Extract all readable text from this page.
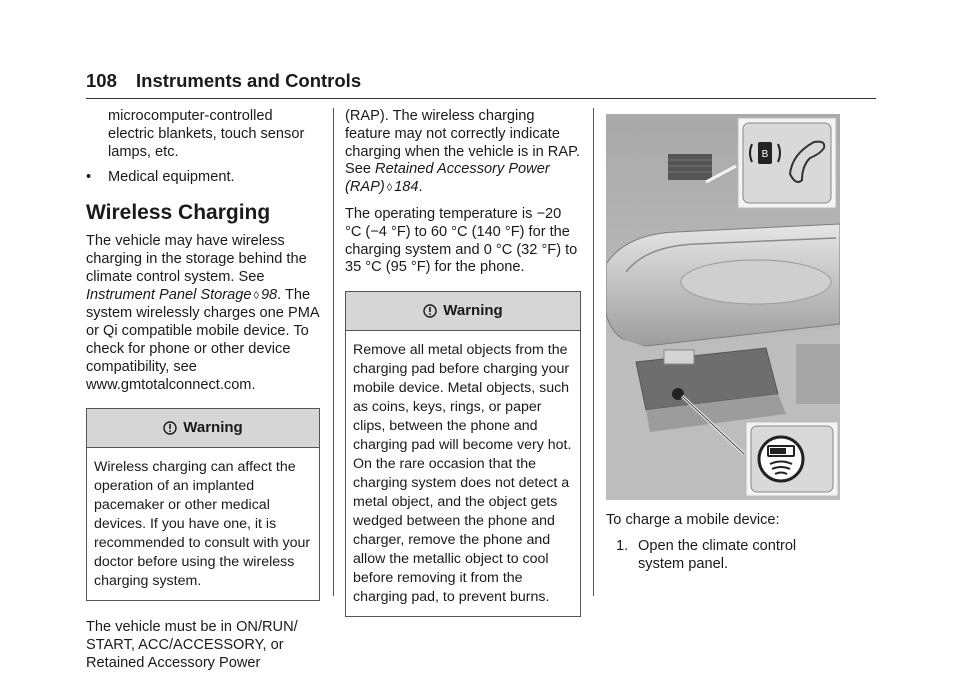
108 Instruments and Controls

microcomputer-controlled electric blankets, touch sensor lamps, etc.

•	Medical equipment.
Wireless Charging

The vehicle may have wireless charging in the storage behind the climate control system. See Instrument Panel Storage ◊ 98. The system wirelessly charges one PMA or Qi compatible mobile device. To check for phone or other device compatibility, see www.gmtotalconnect.com.

Warning
Wireless charging can affect the operation of an implanted pacemaker or other medical devices. If you have one, it is recommended to consult with your doctor before using the wireless charging system.

The vehicle must be in ON/RUN/ START, ACC/ACCESSORY, or Retained Accessory Power

(RAP). The wireless charging feature may not correctly indicate charging when the vehicle is in RAP. See Retained Accessory Power (RAP) ◊ 184.

The operating temperature is −20 °C (−4 °F) to 60 °C (140 °F) for the charging system and 0 °C (32 °F) to 35 °C (95 °F) for the phone.

Warning
Remove all metal objects from the charging pad before charging your mobile device. Metal objects, such as coins, keys, rings, or paper clips, between the phone and charging pad will become very hot. On the rare occasion that the charging system does not detect a metal object, and the object gets wedged between the phone and charger, remove the phone and allow the metallic object to cool before removing it from the charging pad, to prevent burns.
B

To charge a mobile device:

1. Open the climate control system panel.
